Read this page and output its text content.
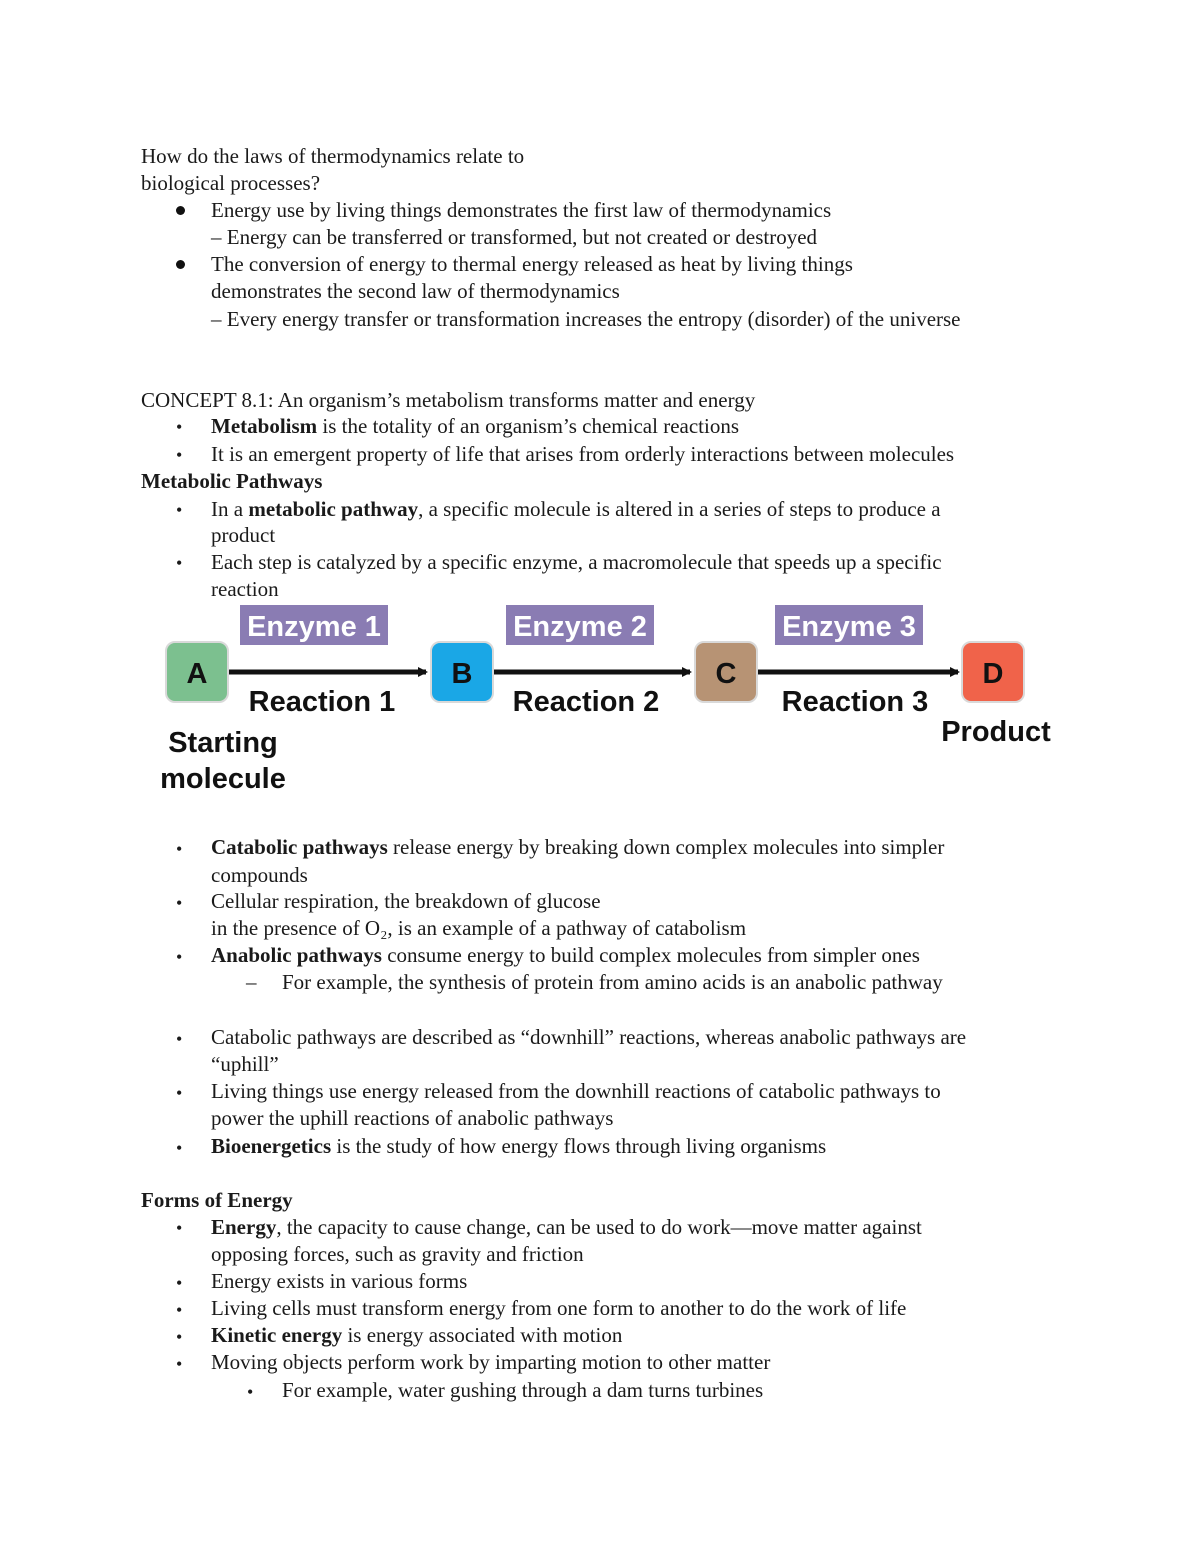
How do the laws of thermodynamics relate to
biological processes?
Energy use by living things demonstrates the first law of thermodynamics
– Energy can be transferred or transformed, but not created or destroyed
The conversion of energy to thermal energy released as heat by living things
demonstrates the second law of thermodynamics
– Every energy transfer or transformation increases the entropy (disorder) of the universe
CONCEPT 8.1: An organism’s metabolism transforms matter and energy
• Metabolism is the totality of an organism’s chemical reactions
• It is an emergent property of life that arises from orderly interactions between molecules
Metabolic Pathways
• In a metabolic pathway, a specific molecule is altered in a series of steps to produce a
product
• Each step is catalyzed by a specific enzyme, a macromolecule that speeds up a specific
reaction
Enzyme 1	Enzyme 2	Enzyme 3
A	B	C	D
Reaction 1	Reaction 2	Reaction 3
Starting
molecule
Product
• Catabolic pathways release energy by breaking down complex molecules into simpler
compounds
• Cellular respiration, the breakdown of glucose
in the presence of O₂, is an example of a pathway of catabolism
• Anabolic pathways consume energy to build complex molecules from simpler ones
– For example, the synthesis of protein from amino acids is an anabolic pathway
• Catabolic pathways are described as “downhill” reactions, whereas anabolic pathways are
“uphill”
• Living things use energy released from the downhill reactions of catabolic pathways to
power the uphill reactions of anabolic pathways
• Bioenergetics is the study of how energy flows through living organisms
Forms of Energy
• Energy, the capacity to cause change, can be used to do work—move matter against
opposing forces, such as gravity and friction
• Energy exists in various forms
• Living cells must transform energy from one form to another to do the work of life
• Kinetic energy is energy associated with motion
• Moving objects perform work by imparting motion to other matter
• For example, water gushing through a dam turns turbines
